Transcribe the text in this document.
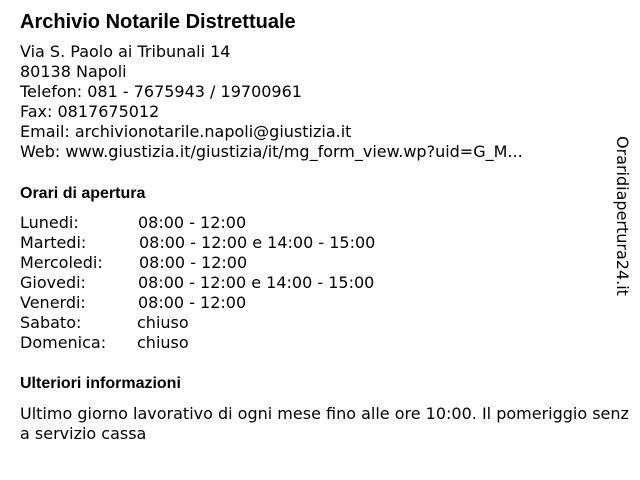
Archivio Notarile Distrettuale
Via S. Paolo ai Tribunali 14
80138 Napoli
Telefon: 081 - 7675943 / 19700961
Fax: 0817675012
Email: archivionotarile.napoli@giustizia.it
Web: www.giustizia.it/giustizia/it/mg_form_view.wp?uid=G_M...
Orari di apertura
Lunedi:	08:00 - 12:00
Martedi:	08:00 - 12:00 e 14:00 - 15:00
Mercoledi: 08:00 - 12:00
Giovedi:	08:00 - 12:00 e 14:00 - 15:00
Venerdi:	08:00 - 12:00
Sabato:	chiuso
Domenica: chiuso
Ulteriori informazioni
Ultimo giorno lavorativo di ogni mese fino alle ore 10:00. Il pomeriggio senza servizio cassa
Oraridiapertura24.it
